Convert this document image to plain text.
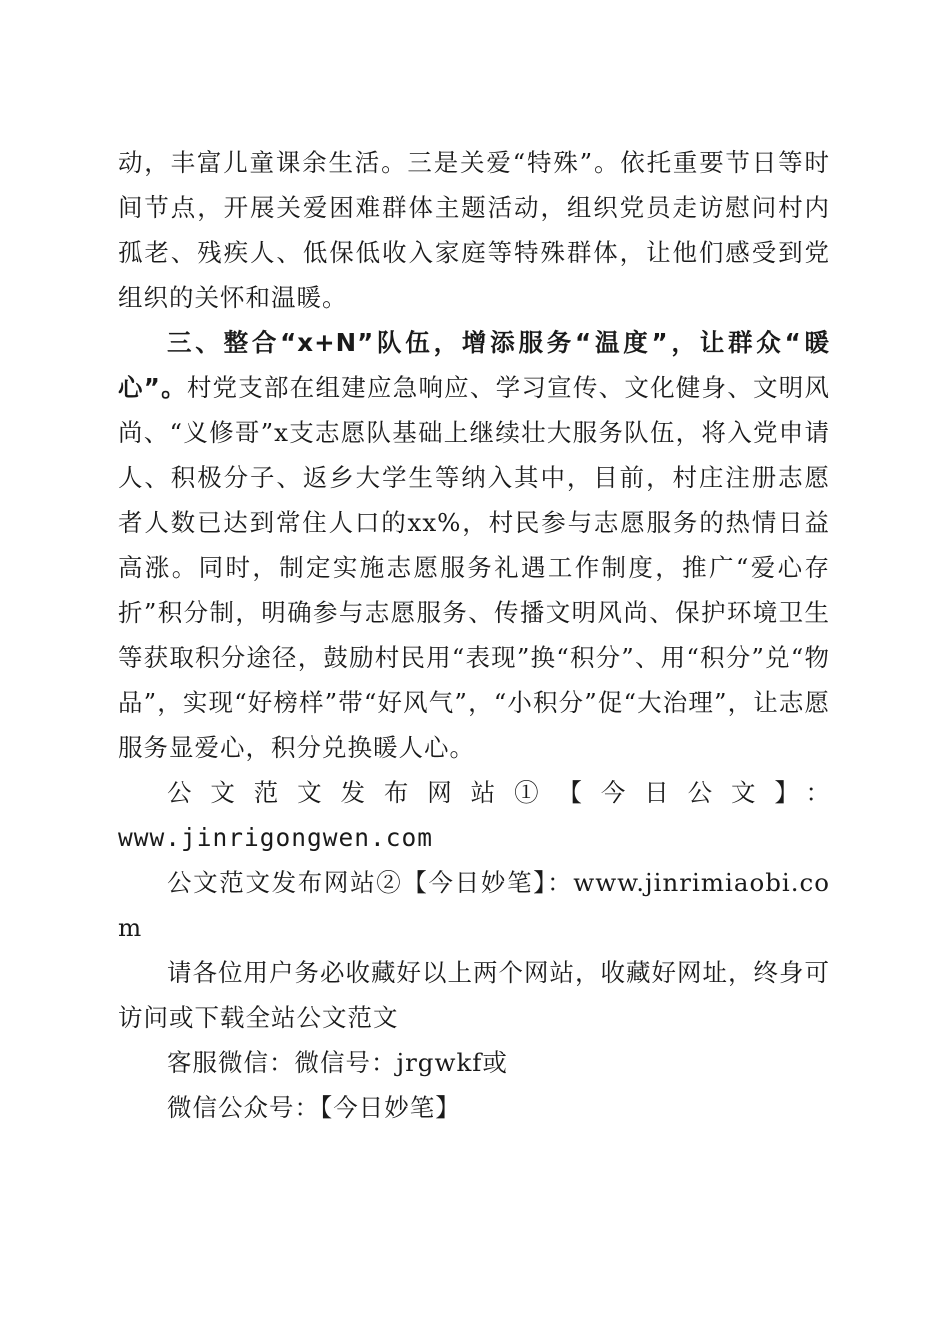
动，丰富儿童课余生活。三是关爱“特殊”。依托重要节日等时间节点，开展关爱困难群体主题活动，组织党员走访慰问村内孤老、残疾人、低保低收入家庭等特殊群体，让他们感受到党组织的关怀和温暖。

三、整合“x+N”队伍，增添服务“温度”，让群众“暖心”。村党支部在组建应急响应、学习宣传、文化健身、文明风尚、“义修哥”x支志愿队基础上继续壮大服务队伍，将入党申请人、积极分子、返乡大学生等纳入其中，目前，村庄注册志愿者人数已达到常住人口的xx%，村民参与志愿服务的热情日益高涨。同时，制定实施志愿服务礼遇工作制度，推广“爱心存折”积分制，明确参与志愿服务、传播文明风尚、保护环境卫生等获取积分途径，鼓励村民用“表现”换“积分”、用“积分”兑“物品”，实现“好榜样”带“好风气”，“小积分”促“大治理”，让志愿服务显爱心，积分兑换暖人心。

公文范文发布网站①【今日公文】：

www.jinrigongwen.com

公文范文发布网站②【今日妙笔】：www.jinrimiaobi.com

请各位用户务必收藏好以上两个网站，收藏好网址，终身可访问或下载全站公文范文

客服微信：微信号：jrgwkf或

微信公众号：【今日妙笔】
